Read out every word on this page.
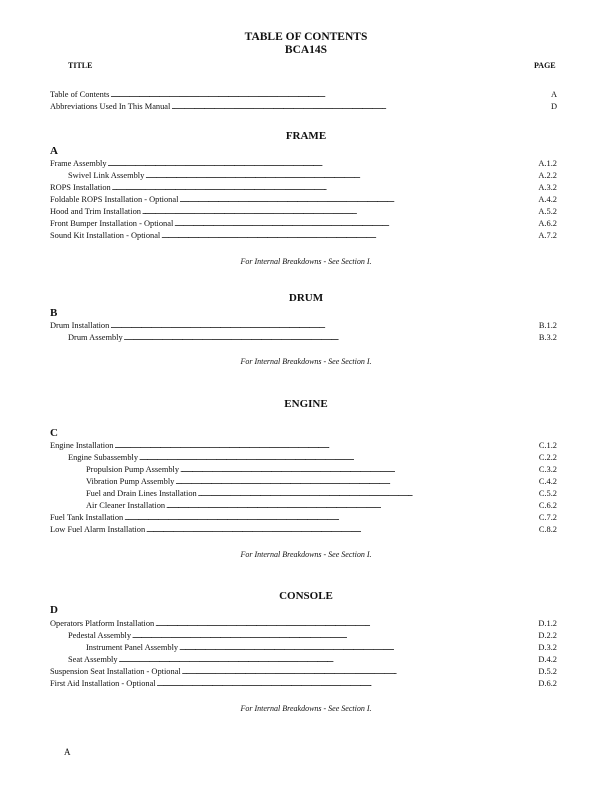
TABLE OF CONTENTS
BCA14S
TITLE	PAGE
Table of Contents . . .	A
Abbreviations Used In This Manual . . .	D
FRAME
A
Frame Assembly . . .	A.1.2
Swivel Link Assembly . . .	A.2.2
ROPS Installation . . .	A.3.2
Foldable ROPS Installation - Optional . . .	A.4.2
Hood and Trim Installation . . .	A.5.2
Front Bumper Installation - Optional . . .	A.6.2
Sound Kit Installation - Optional . . .	A.7.2
For Internal Breakdowns - See Section I.
DRUM
B
Drum Installation . . .	B.1.2
Drum Assembly . . .	B.3.2
For Internal Breakdowns - See Section I.
ENGINE
C
Engine Installation . . .	C.1.2
Engine Subassembly . . .	C.2.2
Propulsion Pump Assembly . . .	C.3.2
Vibration Pump Assembly . . .	C.4.2
Fuel and Drain Lines Installation . . .	C.5.2
Air Cleaner Installation . . .	C.6.2
Fuel Tank Installation . . .	C.7.2
Low Fuel Alarm Installation . . .	C.8.2
For Internal Breakdowns - See Section I.
CONSOLE
D
Operators Platform Installation . . .	D.1.2
Pedestal Assembly . . .	D.2.2
Instrument Panel Assembly . . .	D.3.2
Seat Assembly . . .	D.4.2
Suspension Seat Installation - Optional . . .	D.5.2
First Aid Installation - Optional . . .	D.6.2
For Internal Breakdowns - See Section I.
A
